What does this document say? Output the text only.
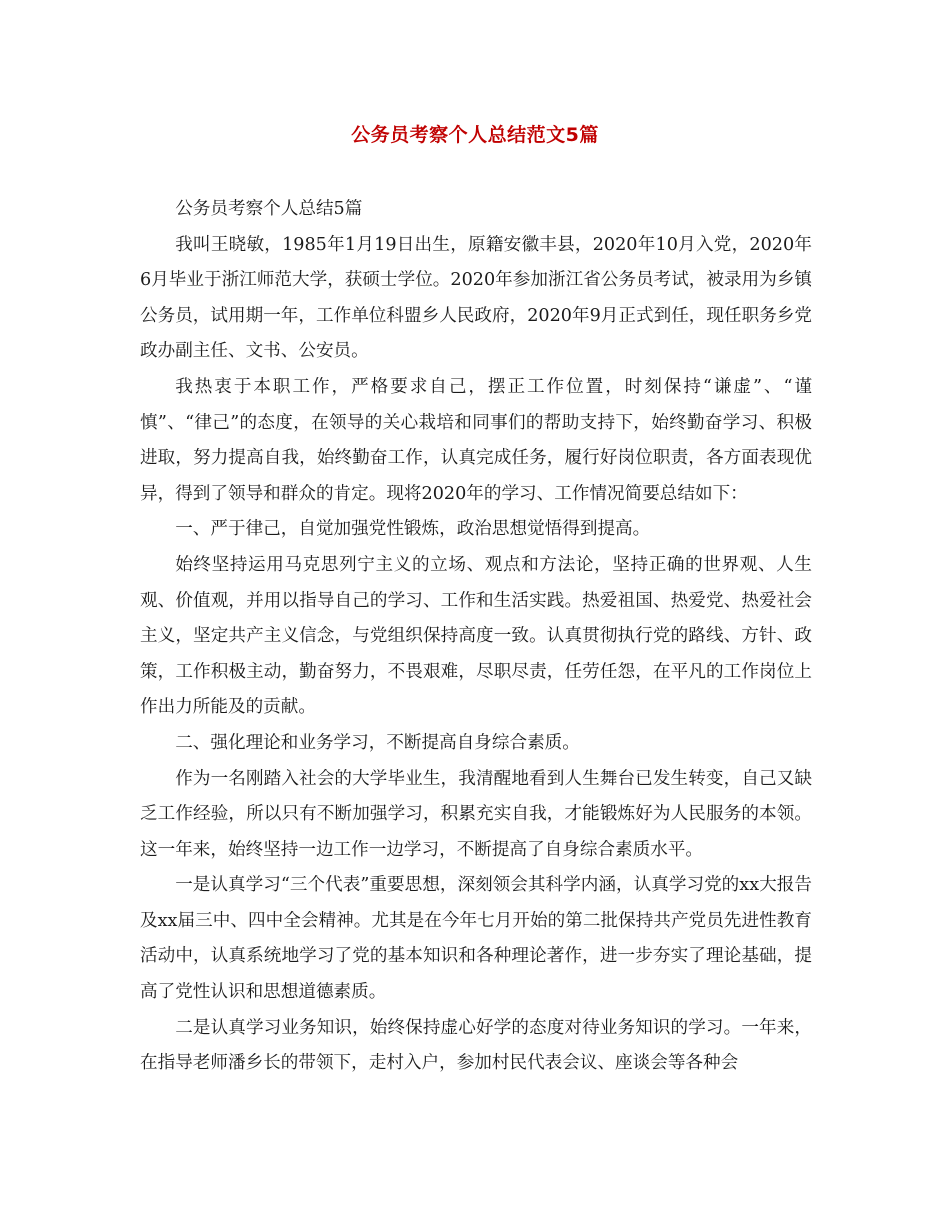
公务员考察个人总结范文5篇

公务员考察个人总结5篇

我叫王晓敏，1985年1月19日出生，原籍安徽丰县，2020年10月入党，2020年6月毕业于浙江师范大学，获硕士学位。2020年参加浙江省公务员考试，被录用为乡镇公务员，试用期一年，工作单位科盟乡人民政府，2020年9月正式到任，现任职务乡党政办副主任、文书、公安员。

我热衷于本职工作，严格要求自己，摆正工作位置，时刻保持“谦虚”、“谨慎”、“律己”的态度，在领导的关心栽培和同事们的帮助支持下，始终勤奋学习、积极进取，努力提高自我，始终勤奋工作，认真完成任务，履行好岗位职责，各方面表现优异，得到了领导和群众的肯定。现将2020年的学习、工作情况简要总结如下：

一、严于律己，自觉加强党性锻炼，政治思想觉悟得到提高。

始终坚持运用马克思列宁主义的立场、观点和方法论，坚持正确的世界观、人生观、价值观，并用以指导自己的学习、工作和生活实践。热爱祖国、热爱党、热爱社会主义，坚定共产主义信念，与党组织保持高度一致。认真贯彻执行党的路线、方针、政策，工作积极主动，勤奋努力，不畏艰难，尽职尽责，任劳任怨，在平凡的工作岗位上作出力所能及的贡献。

二、强化理论和业务学习，不断提高自身综合素质。

作为一名刚踏入社会的大学毕业生，我清醒地看到人生舞台已发生转变，自己又缺乏工作经验，所以只有不断加强学习，积累充实自我，才能锻炼好为人民服务的本领。这一年来，始终坚持一边工作一边学习，不断提高了自身综合素质水平。

一是认真学习“三个代表”重要思想，深刻领会其科学内涵，认真学习党的xx大报告及xx届三中、四中全会精神。尤其是在今年七月开始的第二批保持共产党员先进性教育活动中，认真系统地学习了党的基本知识和各种理论著作，进一步夯实了理论基础，提高了党性认识和思想道德素质。

二是认真学习业务知识，始终保持虚心好学的态度对待业务知识的学习。一年来，在指导老师潘乡长的带领下，走村入户，参加村民代表会议、座谈会等各种会
